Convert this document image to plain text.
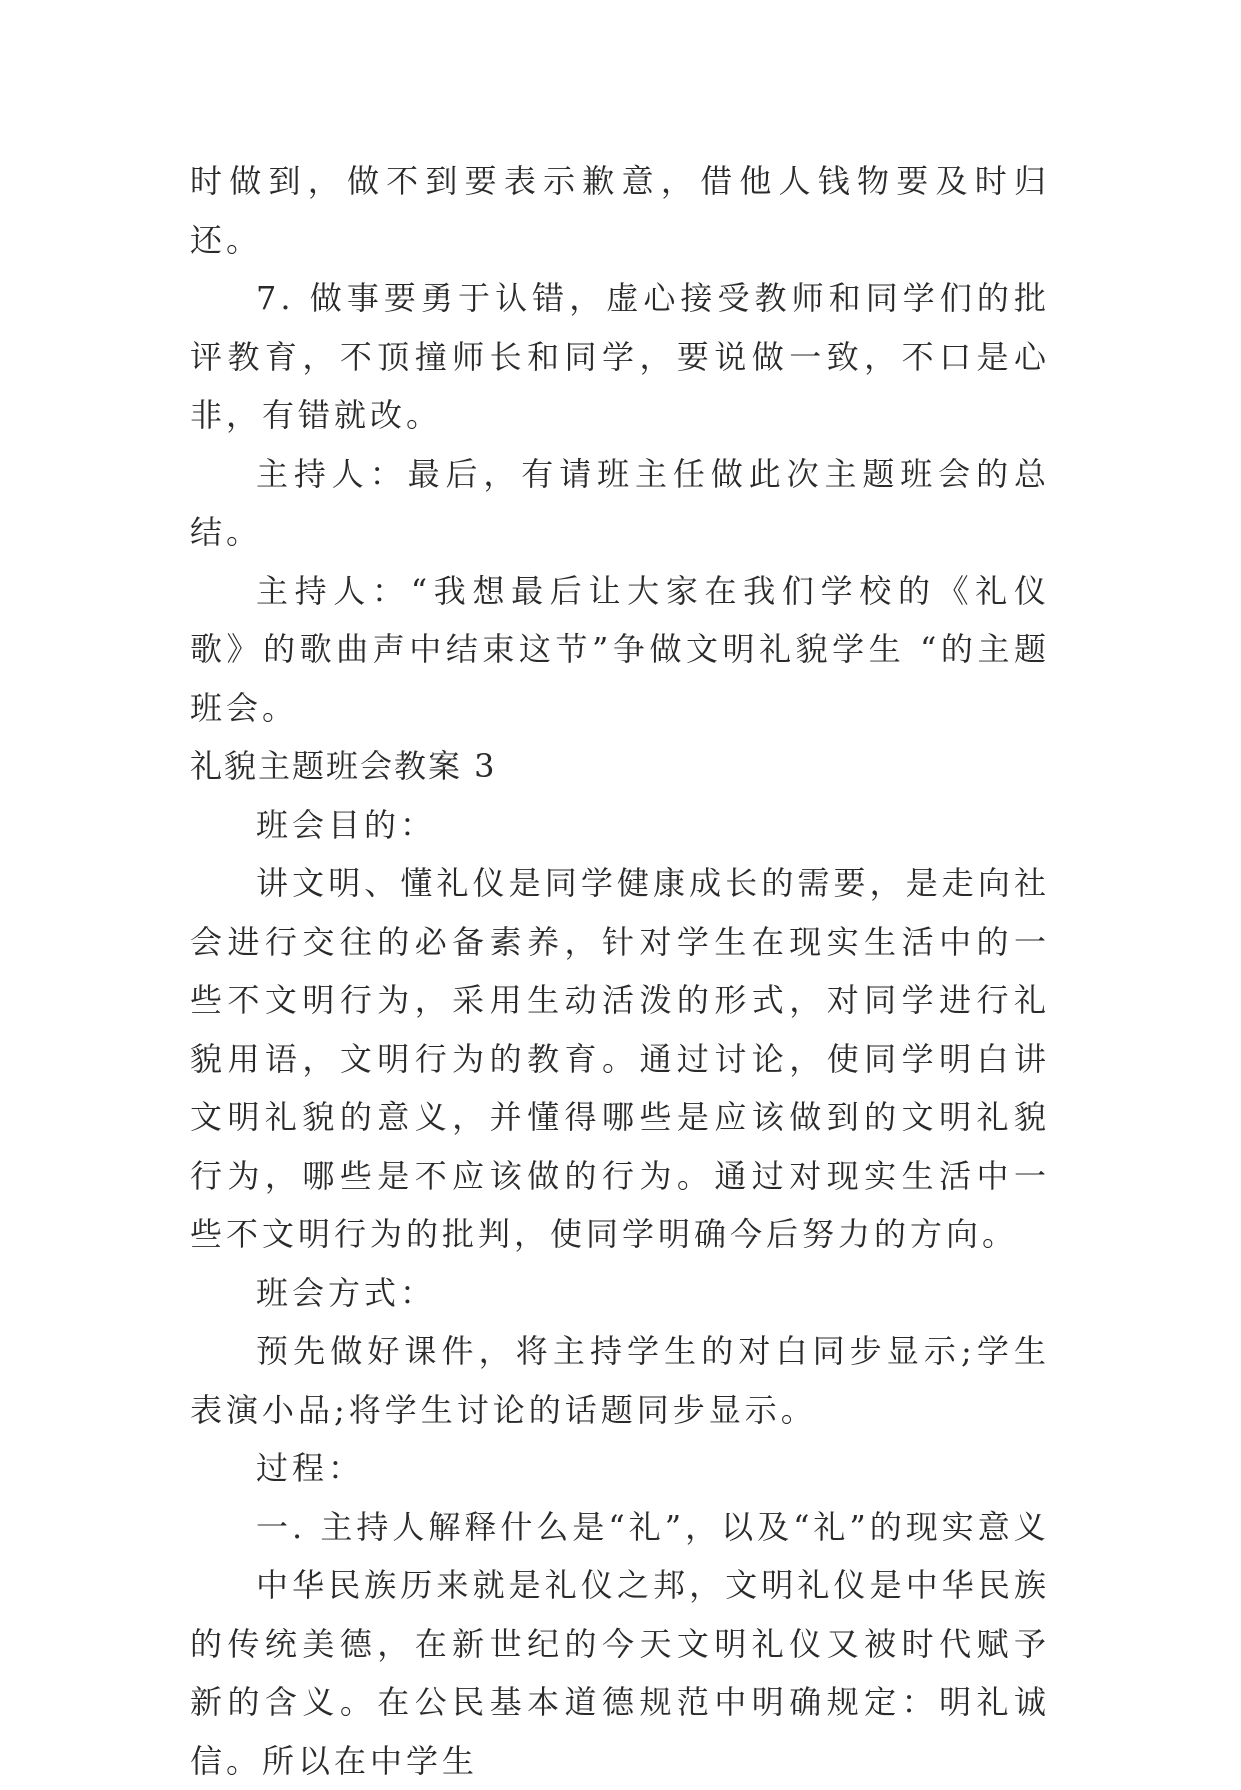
时做到，做不到要表示歉意，借他人钱物要及时归还。

7. 做事要勇于认错，虚心接受教师和同学们的批评教育，不顶撞师长和同学，要说做一致，不口是心非，有错就改。

主持人：最后，有请班主任做此次主题班会的总结。

主持人：“我想最后让大家在我们学校的《礼仪歌》的歌曲声中结束这节”争做文明礼貌学生 “的主题班会。

礼貌主题班会教案 3

班会目的：

讲文明、懂礼仪是同学健康成长的需要，是走向社会进行交往的必备素养，针对学生在现实生活中的一些不文明行为，采用生动活泼的形式，对同学进行礼貌用语，文明行为的教育。通过讨论，使同学明白讲文明礼貌的意义，并懂得哪些是应该做到的文明礼貌行为，哪些是不应该做的行为。通过对现实生活中一些不文明行为的批判，使同学明确今后努力的方向。

班会方式：

预先做好课件，将主持学生的对白同步显示;学生表演小品;将学生讨论的话题同步显示。

过程：

一. 主持人解释什么是“礼”，以及“礼”的现实意义

中华民族历来就是礼仪之邦，文明礼仪是中华民族的传统美德，在新世纪的今天文明礼仪又被时代赋予新的含义。在公民基本道德规范中明确规定：明礼诚信。所以在中学生
